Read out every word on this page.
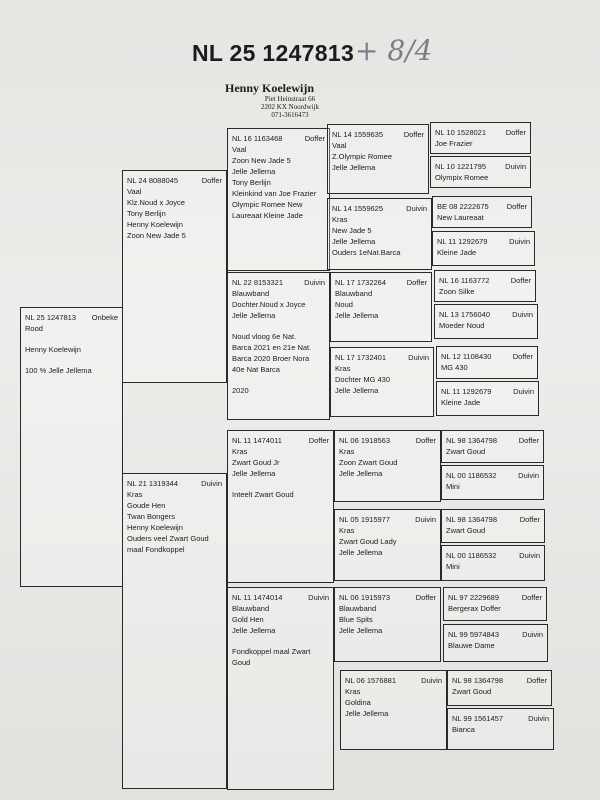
NL 25 1247813 + 8/4
Henny Koelewijn
Piet Heinstraat 66
2202 KX Noordwijk
071-3616473
NL 25 1247813 Onbeke
Rood
Henny Koelewijn
100 % Jelle Jellema
NL 24 8088045	Doffer
Vaal
Klz.Noud x Joyce
Tony Berlijn
Henny Koelewijn
Zoon New Jade 5
NL 21 1319344	Duivin
Kras
Goude Hen
Twan Bongers
Henny Koelewijn
Ouders veel Zwart Goud
maal Fondkoppel
NL 16 1163468	Doffer
Vaal
Zoon New Jade 5
Jelle Jellema
Tony Berlijn
Kleinkind van Joe Frazier
Olympic Romee New
Laureaat Kleine Jade
NL 22 8153321	Duivin
Blauwband
Dochter.Noud x Joyce
Jelle Jellema
Noud vloog 6e Nat.
Barca 2021 en 21e Nat.
Barca 2020 Broer Nora
40e Nat Barca
2020
NL 11 1474011	Doffer
Kras
Zwart Goud Jr
Jelle Jellema
Inteelt Zwart Goud
NL 11 1474014	Duivin
Blauwband
Gold Hen
Jelle Jellema
Fondkoppel maal Zwart
Goud
NL 14 1559635	Doffer
Vaal
Z.Olympic Romee
Jelle Jellema
NL 14 1559625	Duivin
Kras
New Jade 5
Jelle Jellema
Ouders 1eNat.Barca
NL 17 1732264	Doffer
Blauwband
Noud
Jelle Jellema
NL 17 1732401	Duivin
Kras
Dochter MG 430
Jelle Jellema
NL 06 1918563	Doffer
Kras
Zoon Zwart Goud
Jelle Jellema
NL 05 1915977	Duivin
Kras
Zwart Goud Lady
Jelle Jellema
NL 06 1915973	Doffer
Blauwband
Blue Spits
Jelle Jellema
NL 06 1576881	Duivin
Kras
Goldina
Jelle Jellema
NL 10 1528021	Doffer
Joe Frazier
NL 10 1221795	Duivin
Olympix Romee
BE 08 2222675 Doffer
New Laureaat
NL 11 1292679	Duivin
Kleine Jade
NL 16 1163772	Doffer
Zoon Silke
NL 13 1756040	Duivin
Moeder Noud
NL 12 1108430	Doffer
MG 430
NL 11 1292679	Duivin
Kleine Jade
NL 98 1364798	Doffer
Zwart Goud
NL 00 1186532	Duivin
Mini
NL 98 1364798	Doffer
Zwart Goud
NL 00 1186532	Duivin
Mini
NL 97 2229689	Doffer
Bergerax Doffer
NL 99 5974843	Duivin
Blauwe Dame
NL 98 1364798	Doffer
Zwart Goud
NL 99 1561457	Duivin
Bianca
